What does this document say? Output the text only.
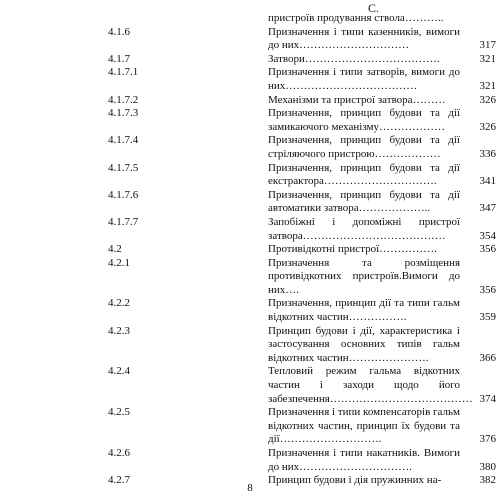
С.
пристроїв продування ствола………..
4.1.6	Призначення і типи казенників, вимоги до них…………………………	317
4.1.7	Затвори……………………………….	321
4.1.7.1	Призначення і типи затворів, вимоги до них………………………………	321
4.1.7.2	Механізми та пристрої затвора………	326
4.1.7.3	Призначення, принцип будови та дії замикаючого механізму………………	326
4.1.7.4	Призначення, принцип будови та дії стріляючого пристрою………………	336
4.1.7.5	Призначення, принцип будови та дії екстрактора………………………….	341
4.1.7.6	Призначення, принцип будови та дії автоматики затвора………………..	347
4.1.7.7	Запобіжні і допоміжні пристрої затвора…………………………………	354
4.2	Противідкотні пристрої…………….	356
4.2.1	Призначення та розміщення противідкотних пристроїв.Вимоги до них….	356
4.2.2	Призначення, принцип дії та типи гальм відкотних частин…………….	359
4.2.3	Принцип будови і дії, характеристика і застосування основних типів гальм відкотних частин………………….	366
4.2.4	Тепловий режим гальма відкотних частин і заходи щодо його забезпечення………………………………… 374
4.2.5	Призначення і типи компенсаторів гальм відкотних частин, принцип їх будови та дії……………………….	376
4.2.6	Призначення і типи накатників. Вимоги до них………………………….	380
4.2.7	Принцип будови і дія пружинних на-	382
8
